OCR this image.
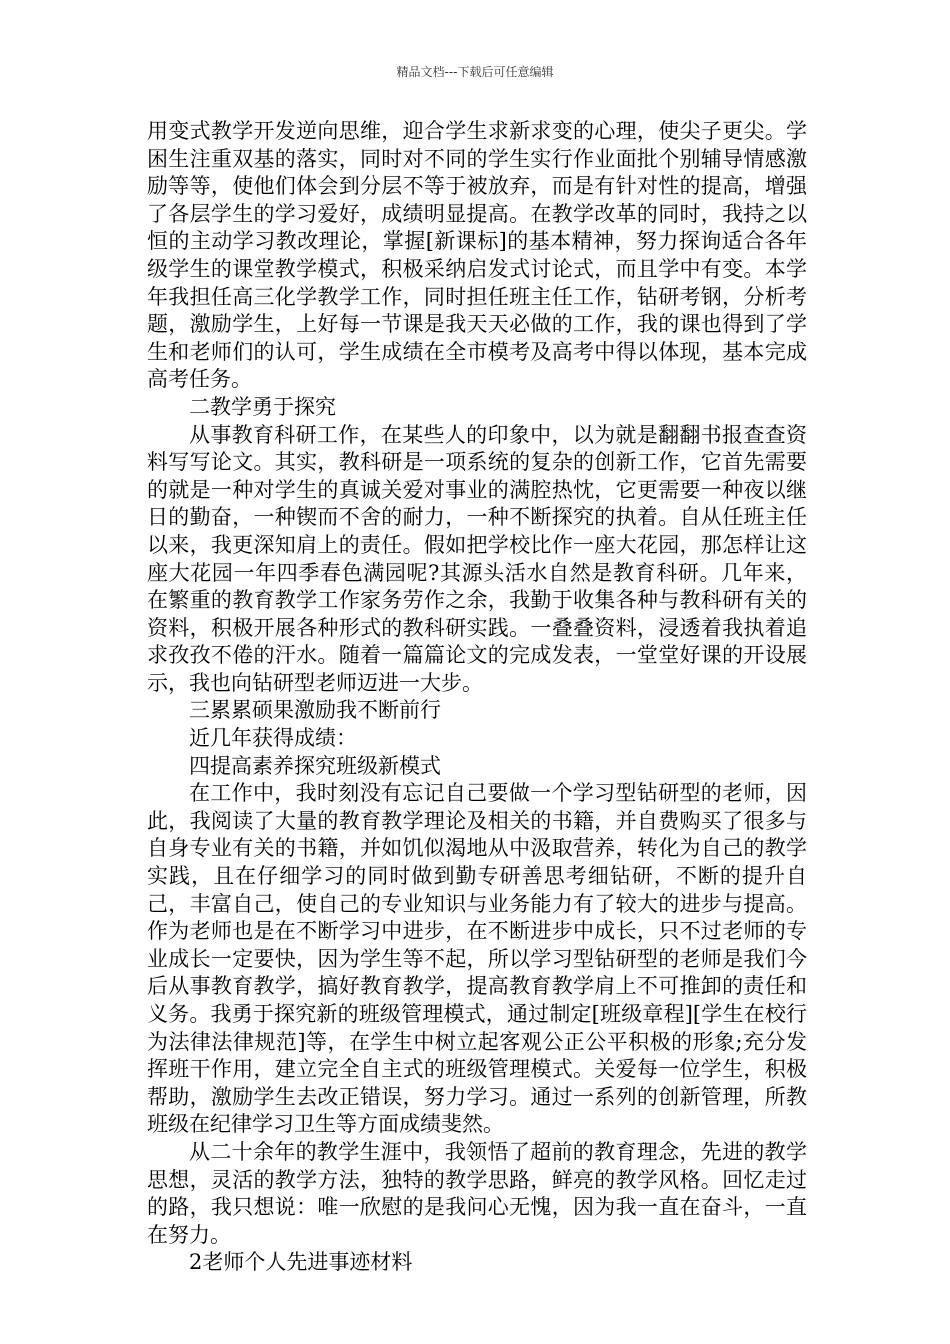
精品文档---下载后可任意编辑

用变式教学开发逆向思维，迎合学生求新求变的心理，使尖子更尖。学困生注重双基的落实，同时对不同的学生实行作业面批个别辅导情感激励等等，使他们体会到分层不等于被放弃，而是有针对性的提高，增强了各层学生的学习爱好，成绩明显提高。在教学改革的同时，我持之以恒的主动学习教改理论，掌握[新课标]的基本精神，努力探询适合各年级学生的课堂教学模式，积极采纳启发式讨论式，而且学中有变。本学年我担任高三化学教学工作，同时担任班主任工作，钻研考钢，分析考题，激励学生，上好每一节课是我天天必做的工作，我的课也得到了学生和老师们的认可，学生成绩在全市模考及高考中得以体现，基本完成高考任务。

二教学勇于探究

从事教育科研工作，在某些人的印象中，以为就是翻翻书报查查资料写写论文。其实，教科研是一项系统的复杂的创新工作，它首先需要的就是一种对学生的真诚关爱对事业的满腔热忱，它更需要一种夜以继日的勤奋，一种锲而不舍的耐力，一种不断探究的执着。自从任班主任以来，我更深知肩上的责任。假如把学校比作一座大花园，那怎样让这座大花园一年四季春色满园呢?其源头活水自然是教育科研。几年来，在繁重的教育教学工作家务劳作之余，我勤于收集各种与教科研有关的资料，积极开展各种形式的教科研实践。一叠叠资料，浸透着我执着追求孜孜不倦的汗水。随着一篇篇论文的完成发表，一堂堂好课的开设展示，我也向钻研型老师迈进一大步。

三累累硕果激励我不断前行

近几年获得成绩：

四提高素养探究班级新模式

在工作中，我时刻没有忘记自己要做一个学习型钻研型的老师，因此，我阅读了大量的教育教学理论及相关的书籍，并自费购买了很多与自身专业有关的书籍，并如饥似渴地从中汲取营养，转化为自己的教学实践，且在仔细学习的同时做到勤专研善思考细钻研，不断的提升自己，丰富自己，使自己的专业知识与业务能力有了较大的进步与提高。作为老师也是在不断学习中进步，在不断进步中成长，只不过老师的专业成长一定要快，因为学生等不起，所以学习型钻研型的老师是我们今后从事教育教学，搞好教育教学，提高教育教学肩上不可推卸的责任和义务。我勇于探究新的班级管理模式，通过制定[班级章程][学生在校行为法律法律规范]等，在学生中树立起客观公正公平积极的形象;充分发挥班干作用，建立完全自主式的班级管理模式。关爱每一位学生，积极帮助，激励学生去改正错误，努力学习。通过一系列的创新管理，所教班级在纪律学习卫生等方面成绩斐然。

从二十余年的教学生涯中，我领悟了超前的教育理念，先进的教学思想，灵活的教学方法，独特的教学思路，鲜亮的教学风格。回忆走过的路，我只想说：唯一欣慰的是我问心无愧，因为我一直在奋斗，一直在努力。

2老师个人先进事迹材料
